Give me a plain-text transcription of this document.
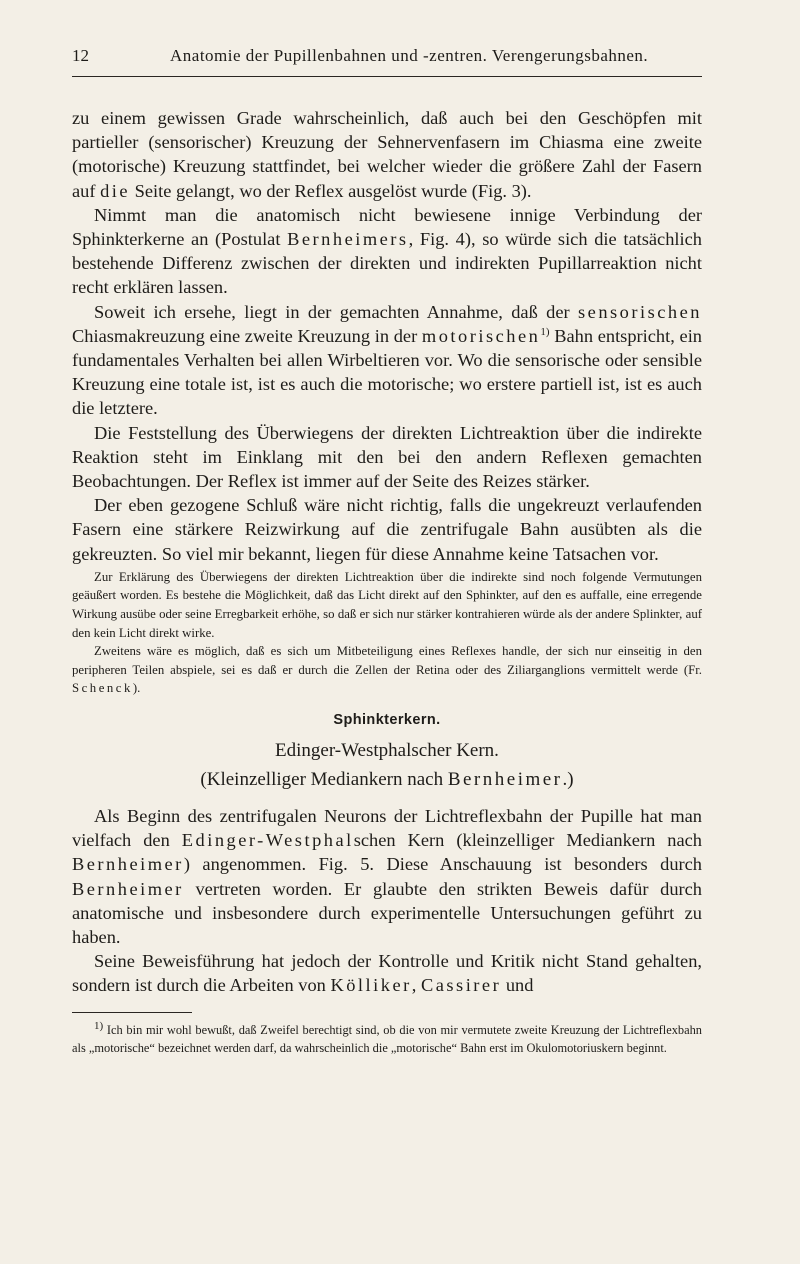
12	Anatomie der Pupillenbahnen und -zentren. Verengerungsbahnen.

zu einem gewissen Grade wahrscheinlich, daß auch bei den Geschöpfen mit partieller (sensorischer) Kreuzung der Sehnervenfasern im Chiasma eine zweite (motorische) Kreuzung stattfindet, bei welcher wieder die größere Zahl der Fasern auf die Seite gelangt, wo der Reflex ausgelöst wurde (Fig. 3).

Nimmt man die anatomisch nicht bewiesene innige Verbindung der Sphinkterkerne an (Postulat Bernheimers, Fig. 4), so würde sich die tatsächlich bestehende Differenz zwischen der direkten und indirekten Pupillarreaktion nicht recht erklären lassen.

Soweit ich ersehe, liegt in der gemachten Annahme, daß der sensorischen Chiasmakreuzung eine zweite Kreuzung in der motorischen$^{1)}$ Bahn entspricht, ein fundamentales Verhalten bei allen Wirbeltieren vor. Wo die sensorische oder sensible Kreuzung eine totale ist, ist es auch die motorische; wo erstere partiell ist, ist es auch die letztere.

Die Feststellung des Überwiegens der direkten Lichtreaktion über die indirekte Reaktion steht im Einklang mit den bei den andern Reflexen gemachten Beobachtungen. Der Reflex ist immer auf der Seite des Reizes stärker.

Der eben gezogene Schluß wäre nicht richtig, falls die ungekreuzt verlaufenden Fasern eine stärkere Reizwirkung auf die zentrifugale Bahn ausübten als die gekreuzten. So viel mir bekannt, liegen für diese Annahme keine Tatsachen vor.

Zur Erklärung des Überwiegens der direkten Lichtreaktion über die indirekte sind noch folgende Vermutungen geäußert worden. Es bestehe die Möglichkeit, daß das Licht direkt auf den Sphinkter, auf den es auffalle, eine erregende Wirkung ausübe oder seine Erregbarkeit erhöhe, so daß er sich nur stärker kontrahieren würde als der andere Splinkter, auf den kein Licht direkt wirke.

Zweitens wäre es möglich, daß es sich um Mitbeteiligung eines Reflexes handle, der sich nur einseitig in den peripheren Teilen abspiele, sei es daß er durch die Zellen der Retina oder des Ziliarganglions vermittelt werde (Fr. Schenck).

Sphinkterkern.
Edinger-Westphalscher Kern.
(Kleinzelliger Mediankern nach Bernheimer.)

Als Beginn des zentrifugalen Neurons der Lichtreflexbahn der Pupille hat man vielfach den Edinger-Westphalschen Kern (kleinzelliger Mediankern nach Bernheimer) angenommen. Fig. 5. Diese Anschauung ist besonders durch Bernheimer vertreten worden. Er glaubte den strikten Beweis dafür durch anatomische und insbesondere durch experimentelle Untersuchungen geführt zu haben.

Seine Beweisführung hat jedoch der Kontrolle und Kritik nicht Stand gehalten, sondern ist durch die Arbeiten von Kölliker, Cassirer und

$^{1)}$ Ich bin mir wohl bewußt, daß Zweifel berechtigt sind, ob die von mir vermutete zweite Kreuzung der Lichtreflexbahn als „motorische“ bezeichnet werden darf, da wahrscheinlich die „motorische“ Bahn erst im Okulomotoriuskern beginnt.
